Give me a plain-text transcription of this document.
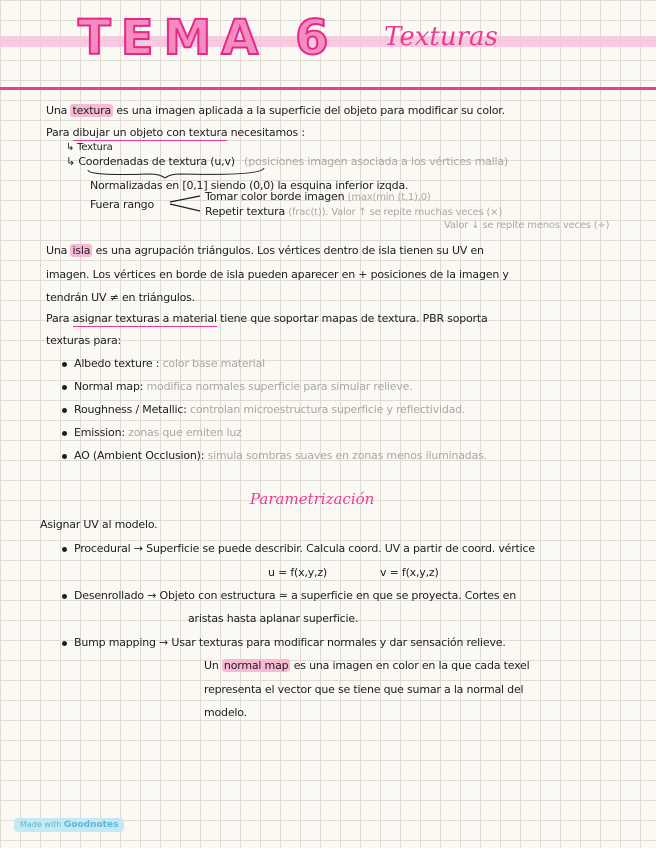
TEMA 6 Texturas
Una textura es una imagen aplicada a la superficie del objeto para modificar su color.
Para dibujar un objeto con textura necesitamos :
↳ Textura
↳ Coordenadas de textura (u,v) (posiciones imagen asociada a los vértices malla)
Normalizadas en [0,1] siendo (0,0) la esquina inferior izqda.
Fuera rango
Tomar color borde imagen (max(min (t,1),0)
Repetir textura (frac(t)). Valor ↑ se repite muchas veces (×)
Valor ↓ se repite menos veces (÷)
Una isla es una agrupación triángulos. Los vértices dentro de isla tienen su UV en
imagen. Los vértices en borde de isla pueden aparecer en + posiciones de la imagen y
tendrán UV ≠ en triángulos.
Para asignar texturas a material tiene que soportar mapas de textura. PBR soporta
texturas para:
Albedo texture : color base material
Normal map: modifica normales superficie para simular relieve.
Roughness / Metallic: controlan microestructura superficie y reflectividad.
Emission: zonas que emiten luz
AO (Ambient Occlusion): simula sombras suaves en zonas menos iluminadas.
Parametrización
Asignar UV al modelo.
Procedural → Superficie se puede describir. Calcula coord. UV a partir de coord. vértice
u = f(x,y,z)	v = f(x,y,z)
Desenrollado → Objeto con estructura ≃ a superficie en que se proyecta. Cortes en
aristas hasta aplanar superficie.
Bump mapping → Usar texturas para modificar normales y dar sensación relieve.
Un normal map es una imagen en color en la que cada texel
representa el vector que se tiene que sumar a la normal del
modelo.
Made with Goodnotes
